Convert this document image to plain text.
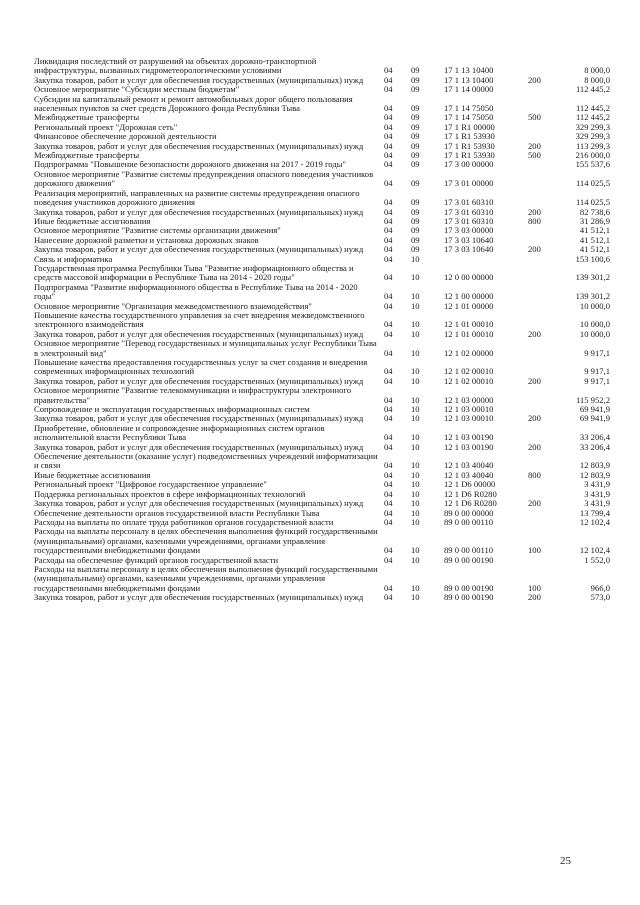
Ликвидация последствий от разрушений на объектах дорожно-транспортной инфраструктуры, вызванных гидрометеорологическими условиями	04	09	17 1 13 10400	8 000,0
Закупка товаров, работ и услуг для обеспечения государственных (муниципальных) нужд	04	09	17 1 13 10400	200	8 000,0
Основное мероприятие "Субсидии местным бюджетам"	04	09	17 1 14 00000	112 445,2
Субсидии на капитальный ремонт и ремонт автомобильных дорог общего пользования населенных пунктов за счет средств Дорожного фонда Республики Тыва	04	09	17 1 14 75050	112 445,2
Межбюджетные трансферты	04	09	17 1 14 75050	500	112 445,2
Региональный проект "Дорожная сеть"	04	09	17 1 R1 00000	329 299,3
Финансовое обеспечение дорожной деятельности	04	09	17 1 R1 53930	329 299,3
Закупка товаров, работ и услуг для обеспечения государственных (муниципальных) нужд	04	09	17 1 R1 53930	200	113 299,3
Межбюджетные трансферты	04	09	17 1 R1 53930	500	216 000,0
Подпрограмма "Повышение безопасности дорожного движения на 2017 - 2019 годы"	04	09	17 3 00 00000	155 537,6
Основное мероприятие "Развитие системы предупреждения опасного поведения участников дорожного движения"	04	09	17 3 01 00000	114 025,5
Реализация мероприятий, направленных на развитие системы предупреждения опасного поведения участников дорожного движения	04	09	17 3 01 60310	114 025,5
Закупка товаров, работ и услуг для обеспечения государственных (муниципальных) нужд	04	09	17 3 01 60310	200	82 738,6
Иные бюджетные ассигнования	04	09	17 3 01 60310	800	31 286,9
Основное мероприятие "Развитие системы организации движения"	04	09	17 3 03 00000	41 512,1
Нанесение дорожной разметки и установка дорожных знаков	04	09	17 3 03 10640	41 512,1
Закупка товаров, работ и услуг для обеспечения государственных (муниципальных) нужд	04	09	17 3 03 10640	200	41 512,1
Связь и информатика	04	10	153 100,6
Государственная программа Республики Тыва "Развитие информационного общества и средств массовой информации в Республике Тыва на 2014 - 2020 годы"	04	10	12 0 00 00000	139 301,2
Подпрограмма "Развитие информационного общества в Республике Тыва на 2014 - 2020 годы"	04	10	12 1 00 00000	139 301,2
Основное мероприятие "Организация межведомственного взаимодействия"	04	10	12 1 01 00000	10 000,0
Повышение качества государственного управления за счет внедрения межведомственного электронного взаимодействия	04	10	12 1 01 00010	10 000,0
Закупка товаров, работ и услуг для обеспечения государственных (муниципальных) нужд	04	10	12 1 01 00010	200	10 000,0
Основное мероприятие "Перевод государственных и муниципальных услуг Республики Тыва в электронный вид"	04	10	12 1 02 00000	9 917,1
Повышение качества предоставления государственных услуг за счет создания и внедрения современных информационных технологий	04	10	12 1 02 00010	9 917,1
Закупка товаров, работ и услуг для обеспечения государственных (муниципальных) нужд	04	10	12 1 02 00010	200	9 917,1
Основное мероприятие "Развитие телекоммуникации и инфраструктуры электронного правительства"	04	10	12 1 03 00000	115 952,2
Сопровождение и эксплуатация государственных информационных систем	04	10	12 1 03 00010	69 941,9
Закупка товаров, работ и услуг для обеспечения государственных (муниципальных) нужд	04	10	12 1 03 00010	200	69 941,9
Приобретение, обновление и сопровождение информационных систем органов исполнительной власти Республики Тыва	04	10	12 1 03 00190	33 206,4
Закупка товаров, работ и услуг для обеспечения государственных (муниципальных) нужд	04	10	12 1 03 00190	200	33 206,4
Обеспечение деятельности (оказание услуг) подведомственных учреждений информатизации и связи	04	10	12 1 03 40040	12 803,9
Иные бюджетные ассигнования	04	10	12 1 03 40040	800	12 803,9
Региональный проект "Цифровое государственное управление"	04	10	12 1 D6 00000	3 431,9
Поддержка региональных проектов в сфере информационных технологий	04	10	12 1 D6 R0280	3 431,9
Закупка товаров, работ и услуг для обеспечения государственных (муниципальных) нужд	04	10	12 1 D6 R0280	200	3 431,9
Обеспечение деятельности органов государственной власти Республики Тыва	04	10	89 0 00 00000	13 799,4
Расходы на выплаты по оплате труда работников органов государственной власти	04	10	89 0 00 00110	12 102,4
Расходы на выплаты персоналу в целях обеспечения выполнения функций государственными (муниципальными) органами, казенными учреждениями, органами управления государственными внебюджетными фондами	04	10	89 0 00 00110	100	12 102,4
Расходы на обеспечение функций органов государственной власти	04	10	89 0 00 00190	1 552,0
Расходы на выплаты персоналу в целях обеспечения выполнения функций государственными (муниципальными) органами, казенными учреждениями, органами управления государственными внебюджетными фондами	04	10	89 0 00 00190	100	966,0
Закупка товаров, работ и услуг для обеспечения государственных (муниципальных) нужд	04	10	89 0 00 00190	200	573,0
25
